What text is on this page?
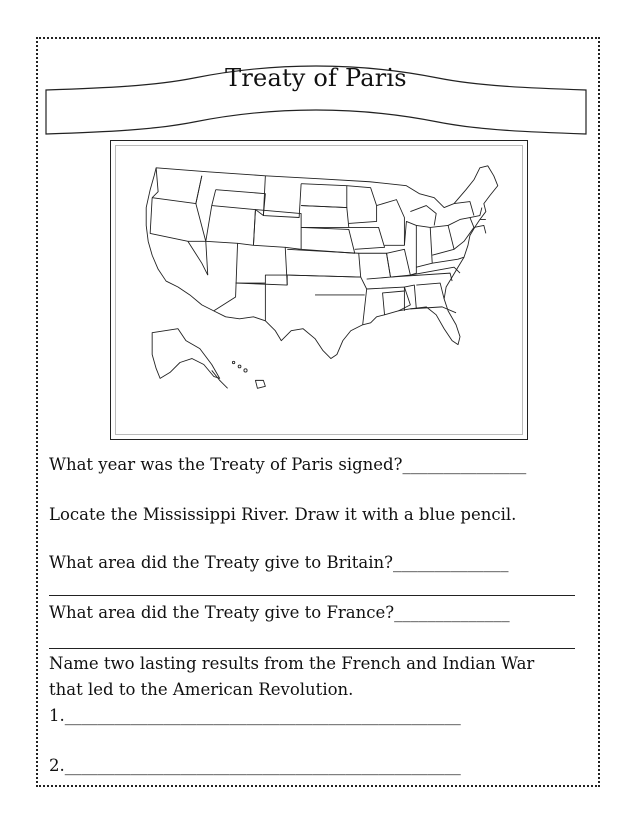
Treaty of Paris
What year was the Treaty of Paris signed?_______________
Locate the Mississippi River. Draw it with a blue pencil.
What area did the Treaty give to Britain?______________
What area did the Treaty give to France?______________
Name two lasting results from the French and Indian War
that led to the American Revolution.
1.________________________________________________
2.________________________________________________
